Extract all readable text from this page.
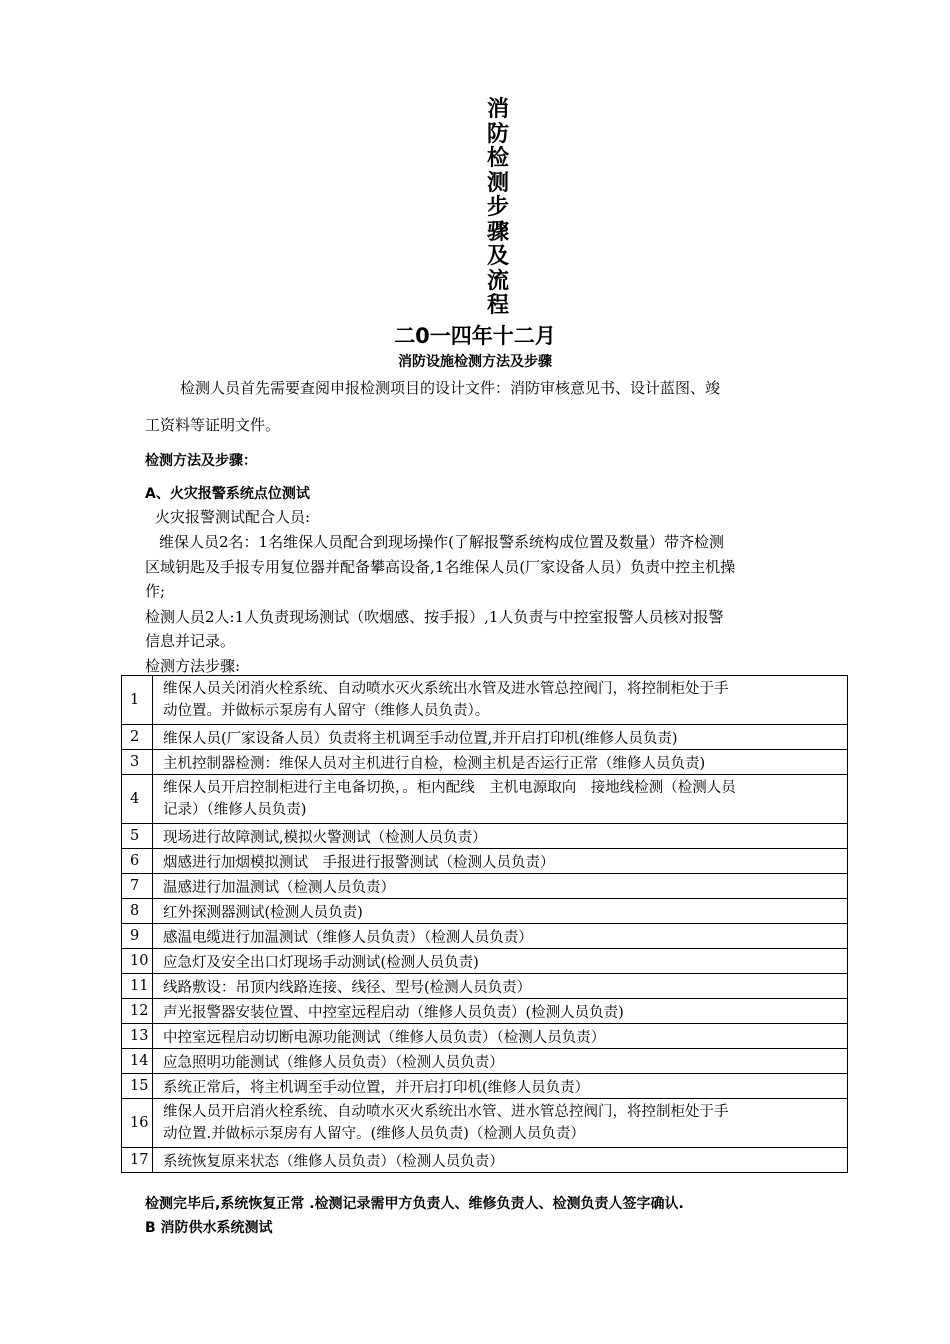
消
防
检
测
步
骤
及
流
程
二0一四年十二月
消防设施检测方法及步骤
检测人员首先需要查阅申报检测项目的设计文件：消防审核意见书、设计蓝图、竣
工资料等证明文件。
检测方法及步骤：
A、火灾报警系统点位测试
火灾报警测试配合人员:
维保人员2名：1名维保人员配合到现场操作(了解报警系统构成位置及数量）带齐检测
区域钥匙及手报专用复位器并配备攀高设备,1名维保人员(厂家设备人员）负责中控主机操
作;
检测人员2人:1人负责现场测试（吹烟感、按手报）,1人负责与中控室报警人员核对报警
信息并记录。
检测方法步骤:
1	维保人员关闭消火栓系统、自动喷水灭火系统出水管及进水管总控阀门，将控制柜处于手
动位置。并做标示泵房有人留守（维修人员负责）。
2	维保人员(厂家设备人员）负责将主机调至手动位置,并开启打印机(维修人员负责)
3	主机控制器检测：维保人员对主机进行自检，检测主机是否运行正常（维修人员负责)
4	维保人员开启控制柜进行主电备切换，。柜内配线　主机电源取向　接地线检测（检测人员
记录）（维修人员负责)
5	现场进行故障测试,模拟火警测试（检测人员负责）
6	烟感进行加烟模拟测试　手报进行报警测试（检测人员负责）
7	温感进行加温测试（检测人员负责）
8	红外探测器测试(检测人员负责)
9	感温电缆进行加温测试（维修人员负责）（检测人员负责）
10	应急灯及安全出口灯现场手动测试(检测人员负责)
11	线路敷设：吊顶内线路连接、线径、型号(检测人员负责）
12	声光报警器安装位置、中控室远程启动（维修人员负责）(检测人员负责)
13	中控室远程启动切断电源功能测试（维修人员负责）（检测人员负责）
14	应急照明功能测试（维修人员负责）（检测人员负责）
15	系统正常后，将主机调至手动位置，并开启打印机(维修人员负责）
16	维保人员开启消火栓系统、自动喷水灭火系统出水管、进水管总控阀门，将控制柜处于手
动位置.并做标示泵房有人留守。(维修人员负责)（检测人员负责）
17	系统恢复原来状态（维修人员负责）（检测人员负责）
检测完毕后,系统恢复正常 .检测记录需甲方负责人、维修负责人、检测负责人签字确认.
B 消防供水系统测试
